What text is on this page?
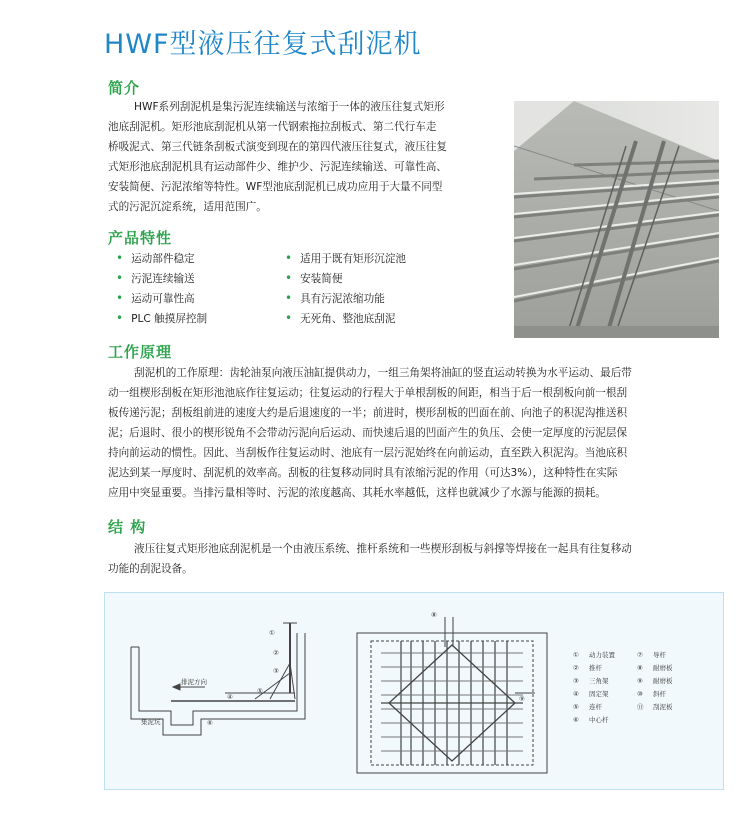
HWF型液压往复式刮泥机
简介
HWF系列刮泥机是集污泥连续输送与浓缩于一体的液压往复式矩形
池底刮泥机。矩形池底刮泥机从第一代钢索拖拉刮板式、第二代行车走
桥吸泥式、第三代链条刮板式演变到现在的第四代液压往复式，液压往复
式矩形池底刮泥机具有运动部件少、维护少、污泥连续输送、可靠性高、
安装简便、污泥浓缩等特性。WF型池底刮泥机已成功应用于大量不同型
式的污泥沉淀系统，适用范围广。
产品特性
• 运动部件稳定
• 污泥连续输送
• 运动可靠性高
• PLC 触摸屏控制
• 适用于既有矩形沉淀池
• 安装简便
• 具有污泥浓缩功能
• 无死角、整池底刮泥
工作原理
刮泥机的工作原理：齿轮油泵向液压油缸提供动力，一组三角架将油缸的竖直运动转换为水平运动、最后带
动一组楔形刮板在矩形池池底作往复运动；往复运动的行程大于单根刮板的间距，相当于后一根刮板向前一根刮
板传递污泥；刮板组前进的速度大约是后退速度的一半；前进时，楔形刮板的凹面在前、向池子的积泥沟推送积
泥；后退时、很小的楔形锐角不会带动污泥向后运动、而快速后退的凹面产生的负压、会使一定厚度的污泥层保
持向前运动的惯性。因此、当刮板作往复运动时、池底有一层污泥始终在向前运动，直至跌入积泥沟。当池底积
泥达到某一厚度时、刮泥机的效率高。刮板的往复移动同时具有浓缩污泥的作用（可达3%），这种特性在实际
应用中突显重要。当排污量相等时、污泥的浓度越高、其耗水率越低，这样也就减少了水源与能源的损耗。
结 构
液压往复式矩形池底刮泥机是一个由液压系统、推杆系统和一些楔形刮板与斜撑等焊接在一起具有往复移动
功能的刮泥设备。
排泥方向
集泥坑
①
②
③
④
⑤
⑥
⑧
⑨
① 动力装置
② 推杆
③ 三角架
④ 固定架
⑤ 连杆
⑥ 中心杆
⑦ 导杆
⑧ 耐磨板
⑨ 耐磨板
⑩ 斜杆
⑪ 刮泥板
